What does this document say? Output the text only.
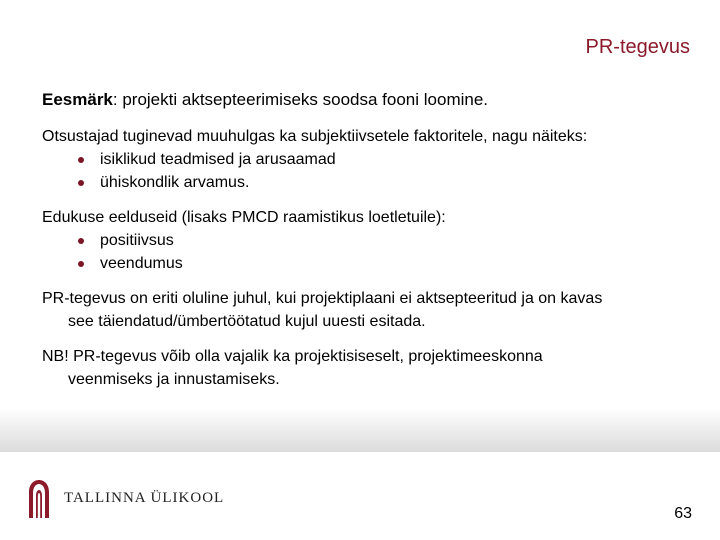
PR-tegevus
Eesmärk: projekti aktsepteerimiseks soodsa fooni loomine.
Otsustajad tuginevad muuhulgas ka subjektiivsetele faktoritele, nagu näiteks:
isiklikud teadmised ja arusaamad
ühiskondlik arvamus.
Edukuse eelduseid (lisaks PMCD raamistikus loetletuile):
positiivsus
veendumus
PR-tegevus on eriti oluline juhul, kui projektiplaani ei aktsepteeritud ja on kavas
see täiendatud/ümbertöötatud kujul uuesti esitada.
NB! PR-tegevus võib olla vajalik ka projektisiseselt, projektimeeskonna
veenmiseks ja innustamiseks.
TALLINNA ÜLIKOOL
63
